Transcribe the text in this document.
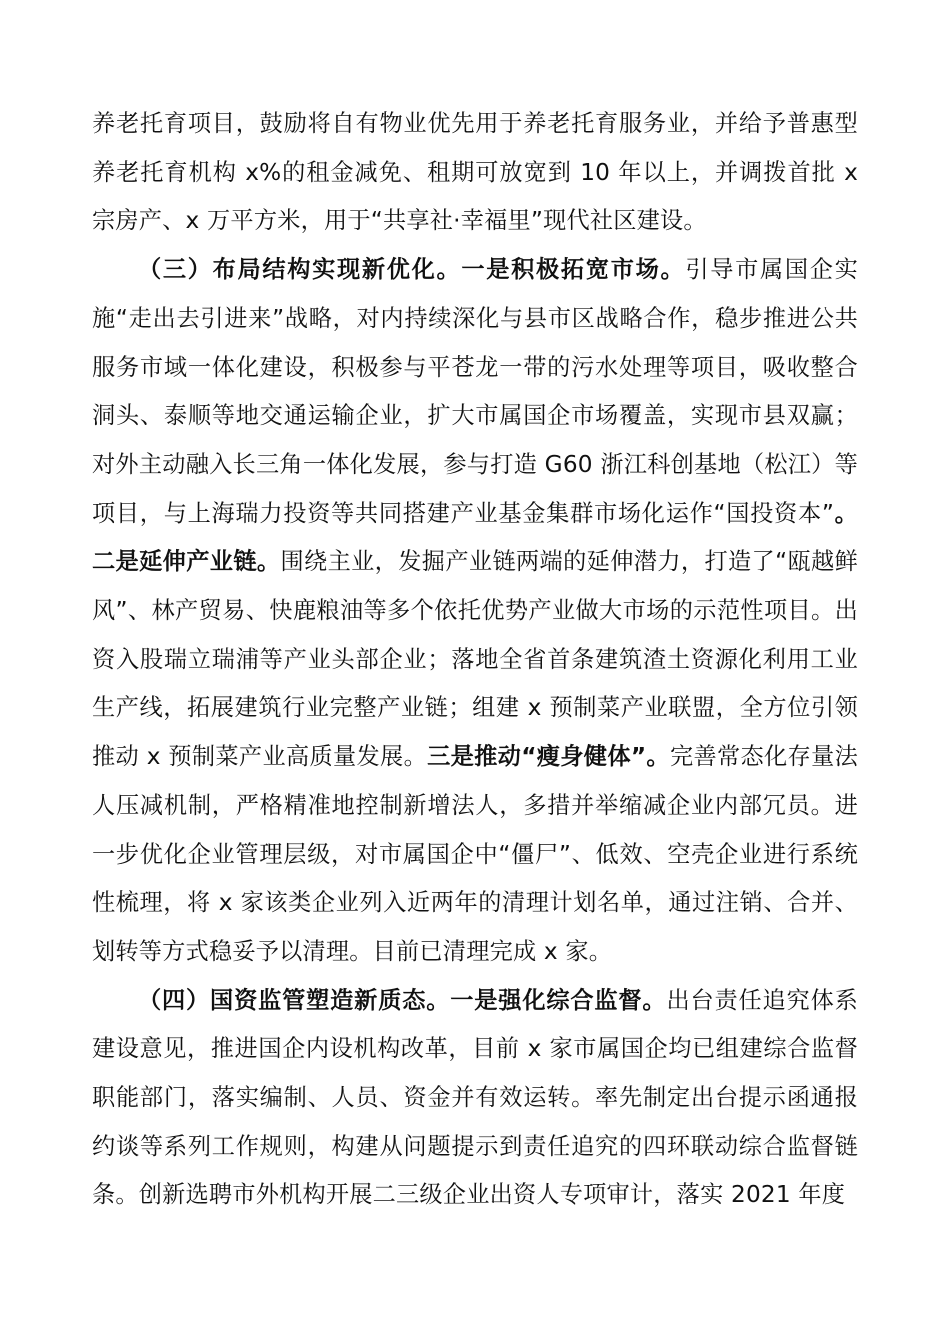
养老托育项目，鼓励将自有物业优先用于养老托育服务业，并给予普惠型养老托育机构 x%的租金减免、租期可放宽到 10 年以上，并调拨首批 x 宗房产、x 万平方米，用于“共享社·幸福里”现代社区建设。

（三）布局结构实现新优化。一是积极拓宽市场。引导市属国企实施“走出去引进来”战略，对内持续深化与县市区战略合作，稳步推进公共服务市域一体化建设，积极参与平苍龙一带的污水处理等项目，吸收整合洞头、泰顺等地交通运输企业，扩大市属国企市场覆盖，实现市县双赢；对外主动融入长三角一体化发展，参与打造 G60 浙江科创基地（松江）等项目，与上海瑞力投资等共同搭建产业基金集群市场化运作“国投资本”。二是延伸产业链。围绕主业，发掘产业链两端的延伸潜力，打造了“瓯越鲜风”、林产贸易、快鹿粮油等多个依托优势产业做大市场的示范性项目。出资入股瑞立瑞浦等产业头部企业；落地全省首条建筑渣土资源化利用工业生产线，拓展建筑行业完整产业链；组建 x 预制菜产业联盟，全方位引领推动 x 预制菜产业高质量发展。三是推动“瘦身健体”。完善常态化存量法人压减机制，严格精准地控制新增法人，多措并举缩减企业内部冗员。进一步优化企业管理层级，对市属国企中“僵尸”、低效、空壳企业进行系统性梳理，将 x 家该类企业列入近两年的清理计划名单，通过注销、合并、划转等方式稳妥予以清理。目前已清理完成 x 家。

（四）国资监管塑造新质态。一是强化综合监督。出台责任追究体系建设意见，推进国企内设机构改革，目前 x 家市属国企均已组建综合监督职能部门，落实编制、人员、资金并有效运转。率先制定出台提示函通报约谈等系列工作规则，构建从问题提示到责任追究的四环联动综合监督链条。创新选聘市外机构开展二三级企业出资人专项审计，落实 2021 年度
